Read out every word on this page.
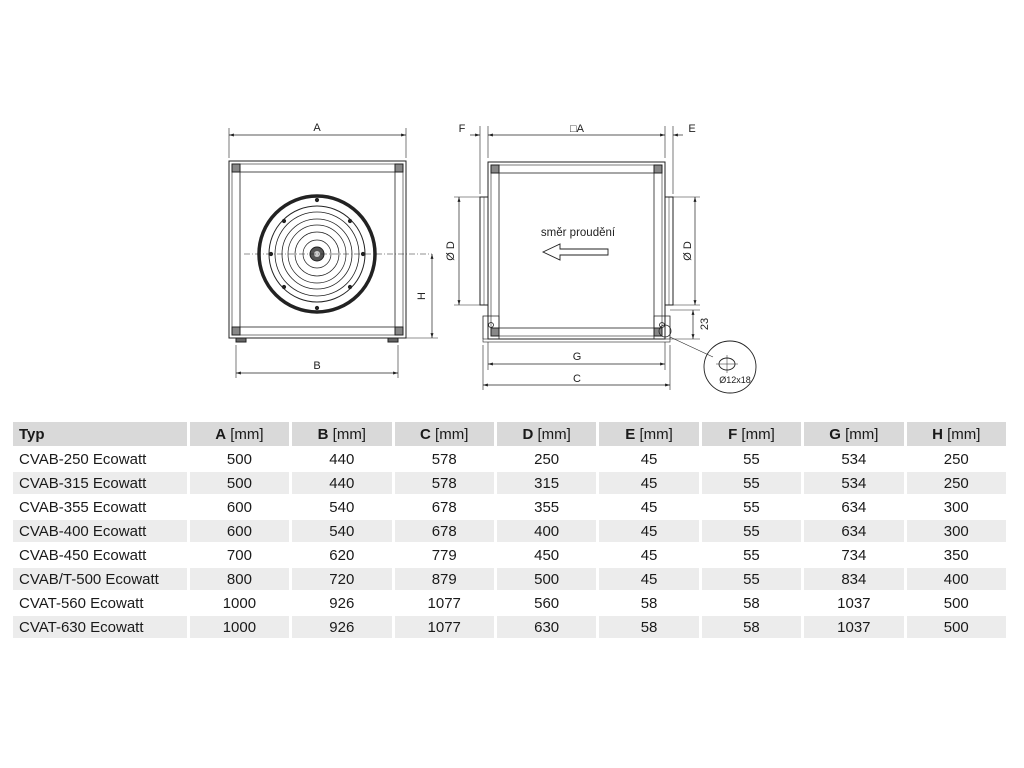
A
B
H
směr proudění
F	□A	E
Ø D	Ø D
23
G
C	Ø12x18
Typ	A [mm]	B [mm]	C [mm]	D [mm]	E [mm]	F [mm]	G [mm]	H [mm]
CVAB-250 Ecowatt	500	440	578	250	45	55	534	250
CVAB-315 Ecowatt	500	440	578	315	45	55	534	250
CVAB-355 Ecowatt	600	540	678	355	45	55	634	300
CVAB-400 Ecowatt	600	540	678	400	45	55	634	300
CVAB-450 Ecowatt	700	620	779	450	45	55	734	350
CVAB/T-500 Ecowatt	800	720	879	500	45	55	834	400
CVAT-560 Ecowatt	1000	926	1077	560	58	58	1037	500
CVAT-630 Ecowatt	1000	926	1077	630	58	58	1037	500
